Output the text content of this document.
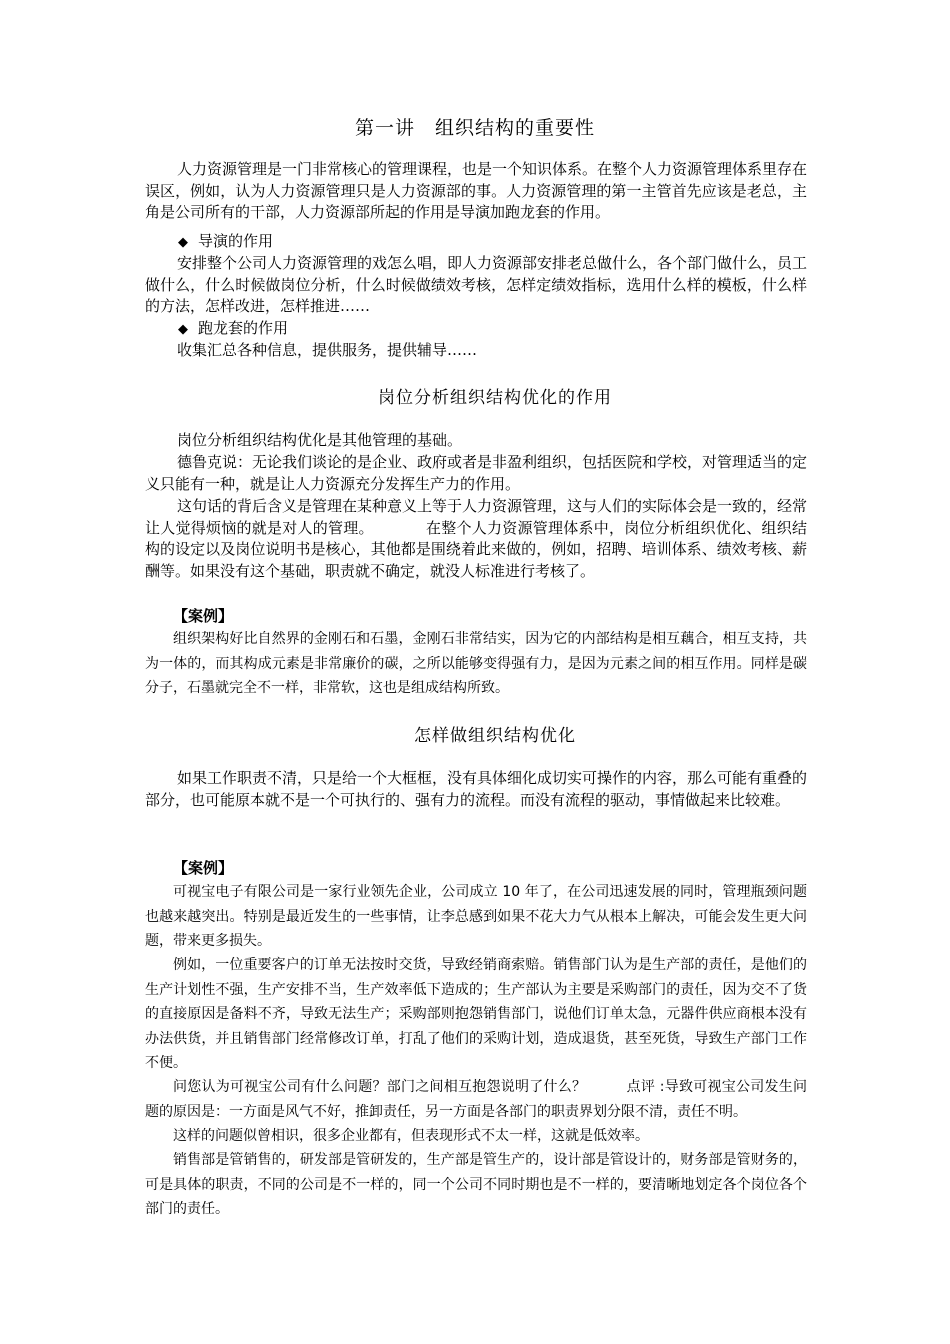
第一讲　组织结构的重要性

人力资源管理是一门非常核心的管理课程，也是一个知识体系。在整个人力资源管理体系里存在误区，例如，认为人力资源管理只是人力资源部的事。人力资源管理的第一主管首先应该是老总，主角是公司所有的干部，人力资源部所起的作用是导演加跑龙套的作用。

◆ 导演的作用

安排整个公司人力资源管理的戏怎么唱，即人力资源部安排老总做什么，各个部门做什么，员工做什么，什么时候做岗位分析，什么时候做绩效考核，怎样定绩效指标，选用什么样的模板，什么样的方法，怎样改进，怎样推进……

◆ 跑龙套的作用

收集汇总各种信息，提供服务，提供辅导……

岗位分析组织结构优化的作用

岗位分析组织结构优化是其他管理的基础。

德鲁克说：无论我们谈论的是企业、政府或者是非盈利组织，包括医院和学校，对管理适当的定义只能有一种，就是让人力资源充分发挥生产力的作用。

这句话的背后含义是管理在某种意义上等于人力资源管理，这与人们的实际体会是一致的，经常让人觉得烦恼的就是对人的管理。	在整个人力资源管理体系中，岗位分析组织优化、组织结构的设定以及岗位说明书是核心，其他都是围绕着此来做的，例如，招聘、培训体系、绩效考核、薪酬等。如果没有这个基础，职责就不确定，就没人标准进行考核了。

【案例】

组织架构好比自然界的金刚石和石墨，金刚石非常结实，因为它的内部结构是相互藕合，相互支持，共为一体的，而其构成元素是非常廉价的碳，之所以能够变得强有力，是因为元素之间的相互作用。同样是碳分子，石墨就完全不一样，非常软，这也是组成结构所致。

怎样做组织结构优化

如果工作职责不清，只是给一个大框框，没有具体细化成切实可操作的内容，那么可能有重叠的部分，也可能原本就不是一个可执行的、强有力的流程。而没有流程的驱动，事情做起来比较难。

【案例】

可视宝电子有限公司是一家行业领先企业，公司成立 10 年了，在公司迅速发展的同时，管理瓶颈问题也越来越突出。特别是最近发生的一些事情，让李总感到如果不花大力气从根本上解决，可能会发生更大问题，带来更多损失。

例如，一位重要客户的订单无法按时交货，导致经销商索赔。销售部门认为是生产部的责任，是他们的生产计划性不强，生产安排不当，生产效率低下造成的；生产部认为主要是采购部门的责任，因为交不了货的直接原因是备料不齐，导致无法生产；采购部则抱怨销售部门，说他们订单太急，元器件供应商根本没有办法供货，并且销售部门经常修改订单，打乱了他们的采购计划，造成退货，甚至死货，导致生产部门工作不便。

问您认为可视宝公司有什么问题？部门之间相互抱怨说明了什么？	点评 :导致可视宝公司发生问题的原因是：一方面是风气不好，推卸责任，另一方面是各部门的职责界划分限不清，责任不明。

这样的问题似曾相识，很多企业都有，但表现形式不太一样，这就是低效率。

销售部是管销售的，研发部是管研发的，生产部是管生产的，设计部是管设计的，财务部是管财务的，可是具体的职责，不同的公司是不一样的，同一个公司不同时期也是不一样的，要清晰地划定各个岗位各个部门的责任。
